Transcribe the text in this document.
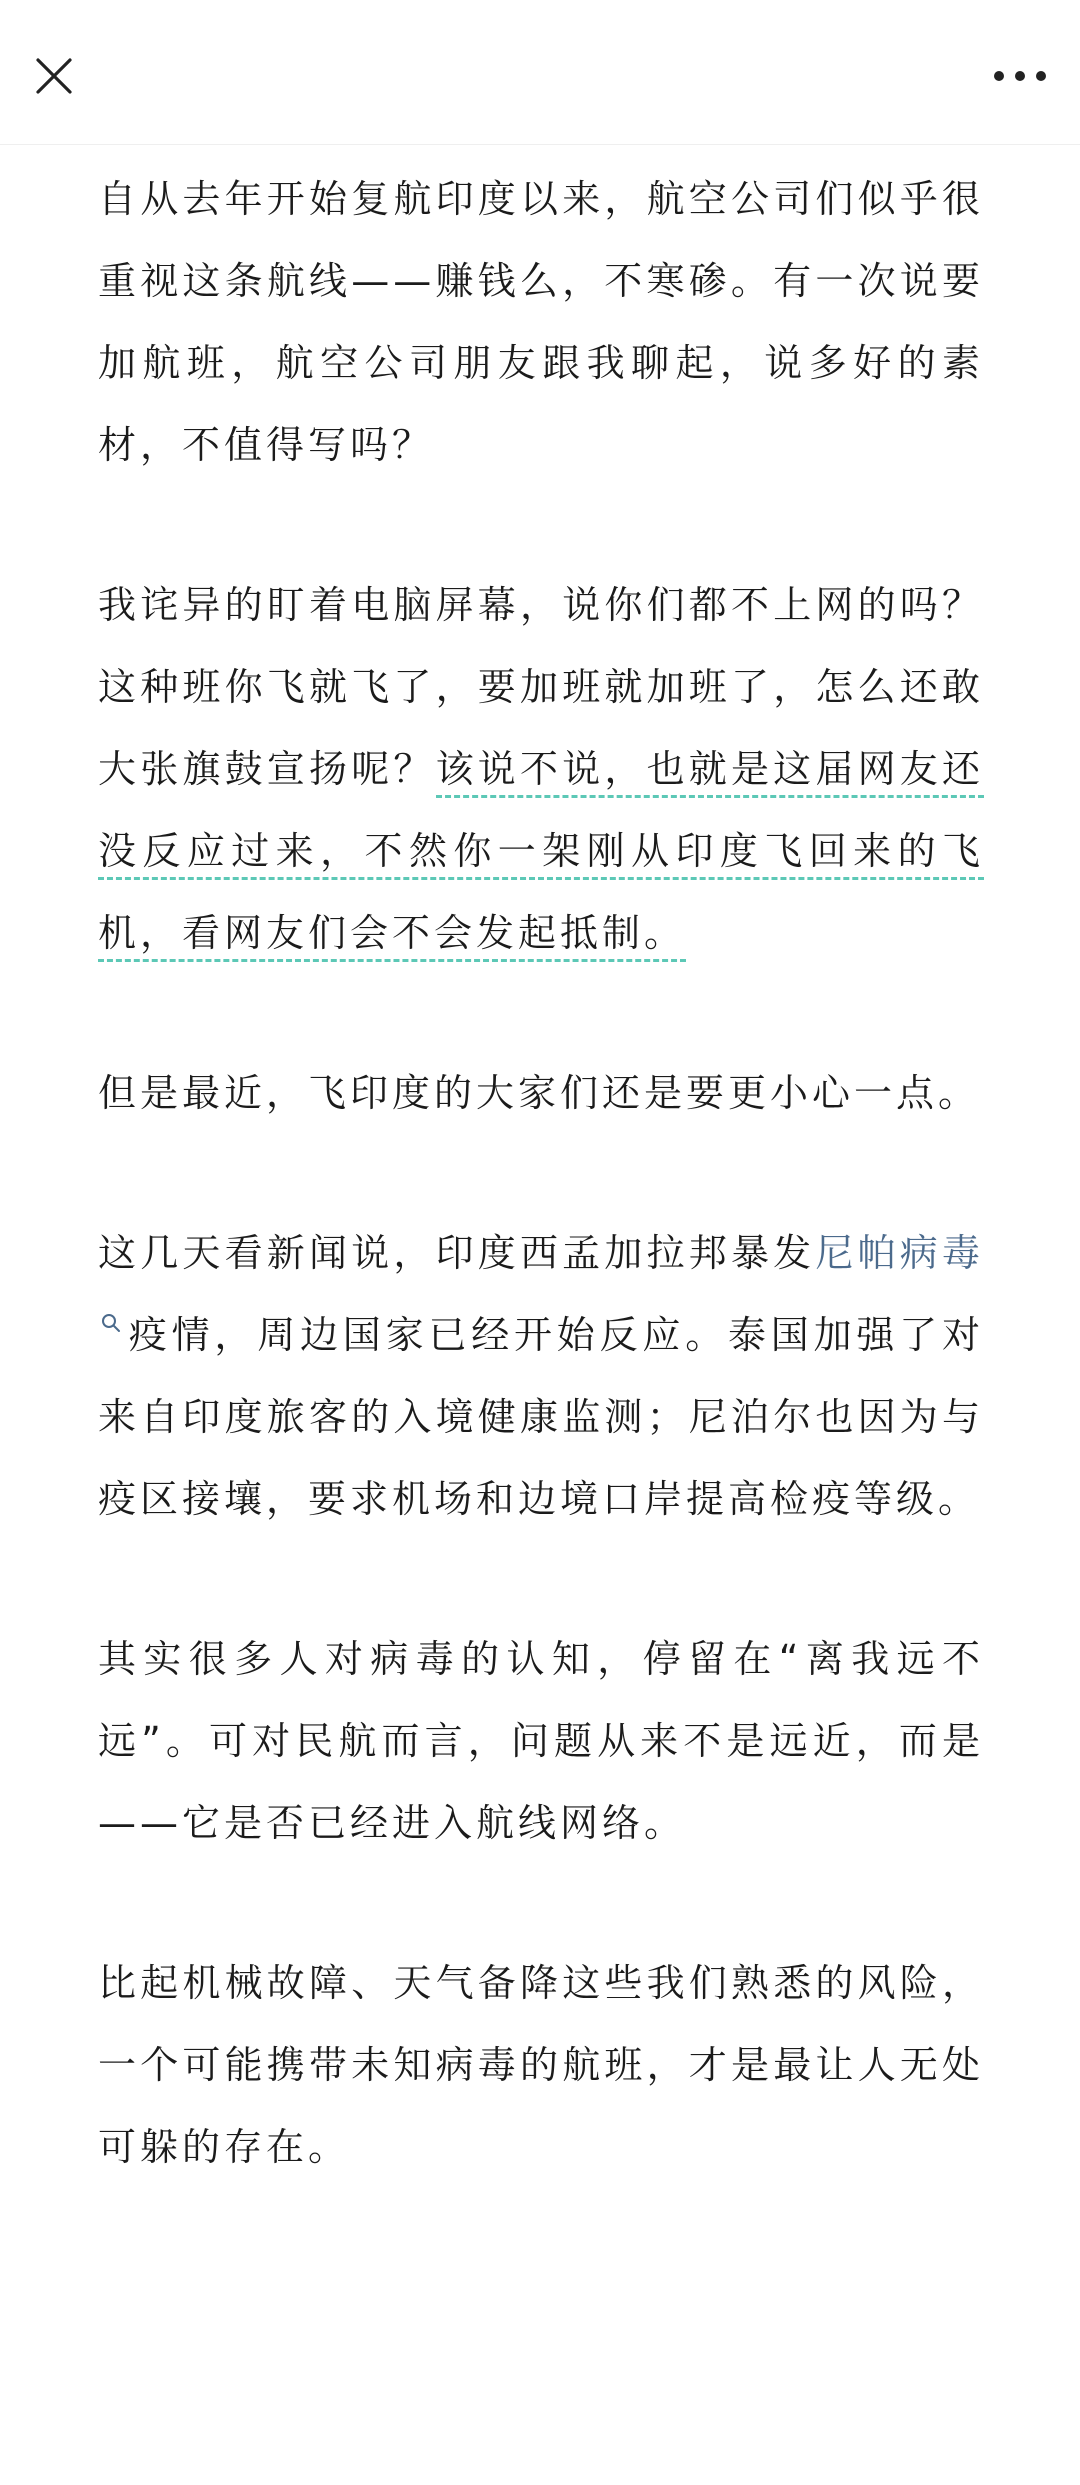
自从去年开始复航印度以来，航空公司们似乎很重视这条航线——赚钱么，不寒碜。有一次说要加航班，航空公司朋友跟我聊起，说多好的素材，不值得写吗？

我诧异的盯着电脑屏幕，说你们都不上网的吗？这种班你飞就飞了，要加班就加班了，怎么还敢大张旗鼓宣扬呢？该说不说，也就是这届网友还没反应过来，不然你一架刚从印度飞回来的飞机，看网友们会不会发起抵制。

但是最近，飞印度的大家们还是要更小心一点。

这几天看新闻说，印度西孟加拉邦暴发尼帕病毒疫情，周边国家已经开始反应。泰国加强了对来自印度旅客的入境健康监测；尼泊尔也因为与疫区接壤，要求机场和边境口岸提高检疫等级。

其实很多人对病毒的认知，停留在“离我远不远”。可对民航而言，问题从来不是远近，而是——它是否已经进入航线网络。

比起机械故障、天气备降这些我们熟悉的风险，一个可能携带未知病毒的航班，才是最让人无处可躲的存在。
